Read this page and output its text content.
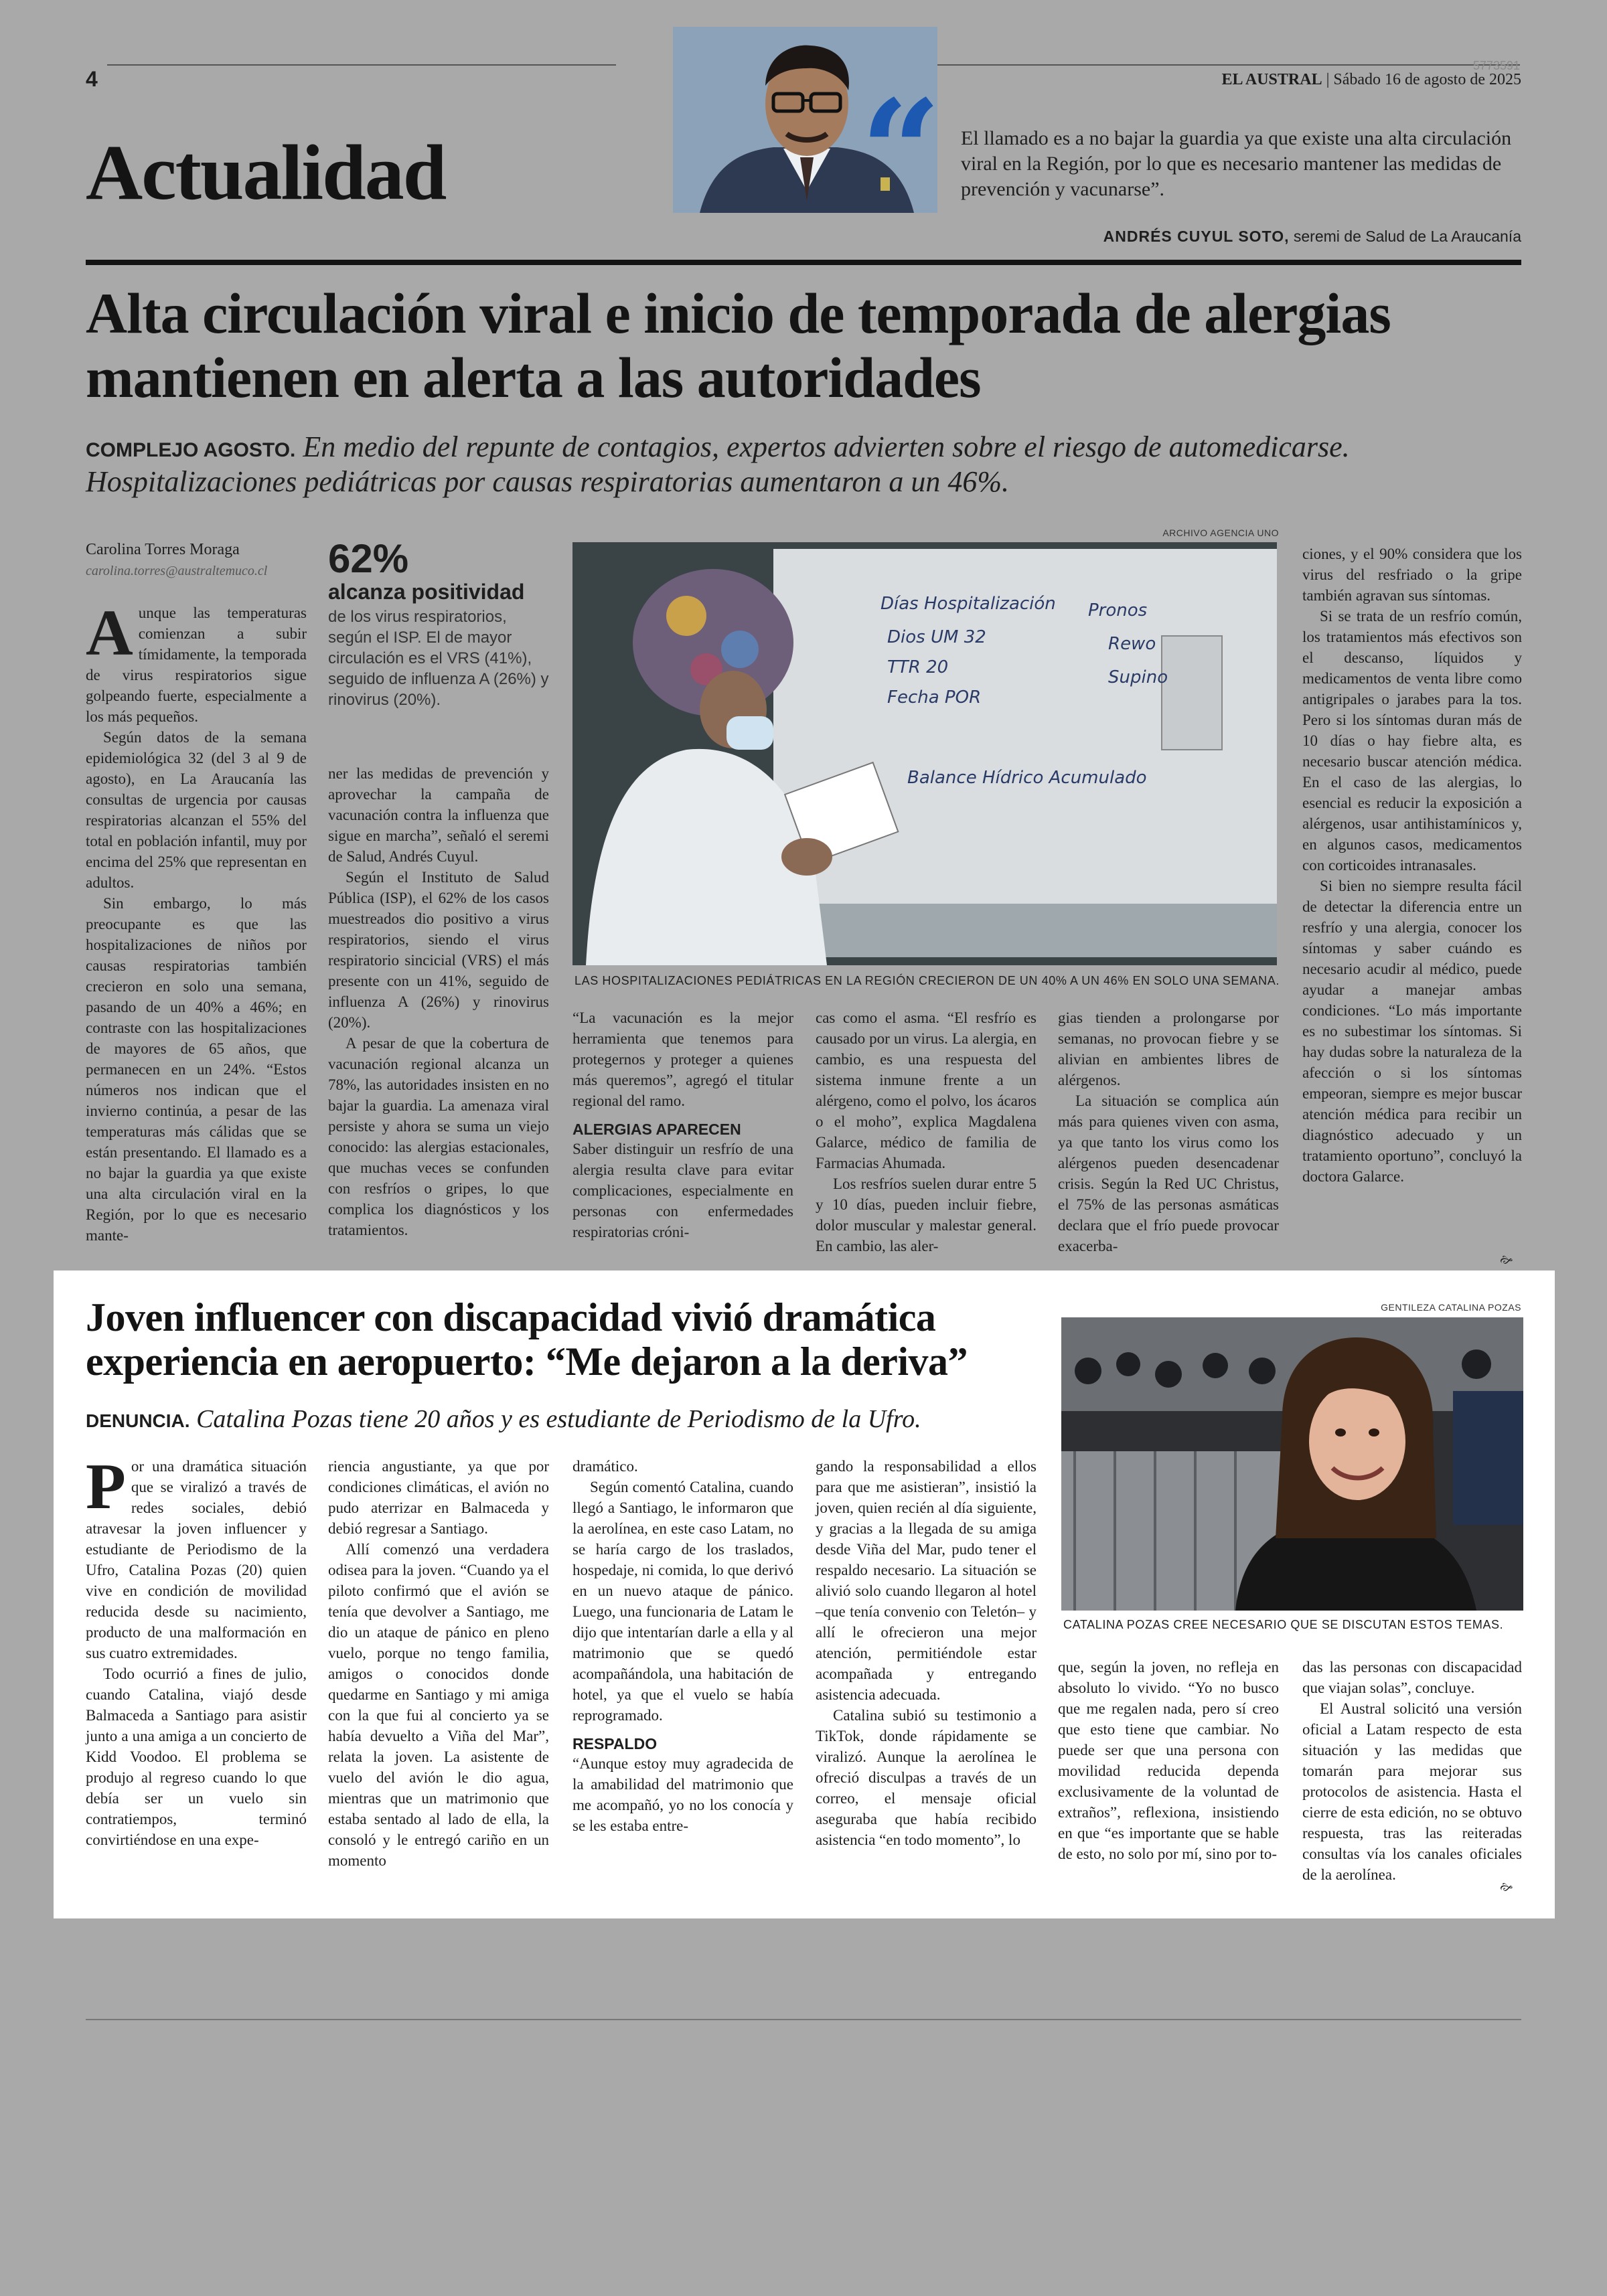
4
5773591
EL AUSTRAL | Sábado 16 de agosto de 2025
Actualidad	“ El llamado es a no bajar la guardia ya que existe una alta circulación viral en la Región, por lo que es necesario mantener las medidas de prevención y vacunarse”.
ANDRÉS CUYUL SOTO, seremi de Salud de La Araucanía
Alta circulación viral e inicio de temporada de alergias mantienen en alerta a las autoridades
COMPLEJO AGOSTO. En medio del repunte de contagios, expertos advierten sobre el riesgo de automedicarse. Hospitalizaciones pediátricas por causas respiratorias aumentaron a un 46%.
Carolina Torres Moraga
carolina.torres@australtemuco.cl 62%
alcanza positividad
de los virus respiratorios, según el ISP. El de mayor circulación es el VRS (41%), seguido de influenza A (26%) y rinovirus (20%).

Aunque las temperaturas comienzan a subir tímidamente, la temporada de virus respiratorios sigue golpeando fuerte, especialmente a los más pequeños.

Según datos de la semana epidemiológica 32 (del 3 al 9 de agosto), en La Araucanía las consultas de urgencia por causas respiratorias alcanzan el 55% del total en población infantil, muy por encima del 25% que representan en adultos.

Sin embargo, lo más preocupante es que las hospitalizaciones de niños por causas respiratorias también crecieron en solo una semana, pasando de un 40% a 46%; en contraste con las hospitalizaciones de mayores de 65 años, que permanecen en un 24%. “Estos números nos indican que el invierno continúa, a pesar de las temperaturas más cálidas que se están presentando. El llamado es a no bajar la guardia ya que existe una alta circulación viral en la Región, por lo que es necesario mante-

ner las medidas de prevención y aprovechar la campaña de vacunación contra la influenza que sigue en marcha”, señaló el seremi de Salud, Andrés Cuyul.

Según el Instituto de Salud Pública (ISP), el 62% de los casos muestreados dio positivo a virus respiratorios, siendo el virus respiratorio sincicial (VRS) el más presente con un 41%, seguido de influenza A (26%) y rinovirus (20%).

A pesar de que la cobertura de vacunación regional alcanza un 78%, las autoridades insisten en no bajar la guardia. La amenaza viral persiste y ahora se suma un viejo conocido: las alergias estacionales, que muchas veces se confunden con resfríos o gripes, lo que complica los diagnósticos y los tratamientos.

ARCHIVO AGENCIA UNO
Días Hospitalización
Dios UM 32
TTR 20
Fecha POR
Balance Hídrico Acumulado
Pronos
Rewo
Supino
LAS HOSPITALIZACIONES PEDIÁTRICAS EN LA REGIÓN CRECIERON DE UN 40% A UN 46% EN SOLO UNA SEMANA.

“La vacunación es la mejor herramienta que tenemos para protegernos y proteger a quienes más queremos”, agregó el titular regional del ramo.

ALERGIAS APARECEN

Saber distinguir un resfrío de una alergia resulta clave para evitar complicaciones, especialmente en personas con enfermedades respiratorias cróni-

cas como el asma. “El resfrío es causado por un virus. La alergia, en cambio, es una respuesta del sistema inmune frente a un alérgeno, como el polvo, los ácaros o el moho”, explica Magdalena Galarce, médico de familia de Farmacias Ahumada.

Los resfríos suelen durar entre 5 y 10 días, pueden incluir fiebre, dolor muscular y malestar general. En cambio, las aler-

gias tienden a prolongarse por semanas, no provocan fiebre y se alivian en ambientes libres de alérgenos.

La situación se complica aún más para quienes viven con asma, ya que tanto los virus como los alérgenos pueden desencadenar crisis. Según la Red UC Christus, el 75% de las personas asmáticas declara que el frío puede provocar exacerba-

ciones, y el 90% considera que los virus del resfriado o la gripe también agravan sus síntomas.

Si se trata de un resfrío común, los tratamientos más efectivos son el descanso, líquidos y medicamentos de venta libre como antigripales o jarabes para la tos. Pero si los síntomas duran más de 10 días o hay fiebre alta, es necesario buscar atención médica. En el caso de las alergias, lo esencial es reducir la exposición a alérgenos, usar antihistamínicos y, en algunos casos, medicamentos con corticoides intranasales.

Si bien no siempre resulta fácil de detectar la diferencia entre un resfrío y una alergia, conocer los síntomas y saber cuándo es necesario acudir al médico, puede ayudar a manejar ambas condiciones. “Lo más importante es no subestimar los síntomas. Si hay dudas sobre la naturaleza de la afección o si los síntomas empeoran, siempre es mejor buscar atención médica para recibir un diagnóstico adecuado y un tratamiento oportuno”, concluyó la doctora Galarce.

🙚
Joven influencer con discapacidad vivió dramática experiencia en aeropuerto: “Me dejaron a la deriva”
DENUNCIA. Catalina Pozas tiene 20 años y es estudiante de Periodismo de la Ufro.
GENTILEZA CATALINA POZAS
CATALINA POZAS CREE NECESARIO QUE SE DISCUTAN ESTOS TEMAS.

Por una dramática situación que se viralizó a través de redes sociales, debió atravesar la joven influencer y estudiante de Periodismo de la Ufro, Catalina Pozas (20) quien vive en condición de movilidad reducida desde su nacimiento, producto de una malformación en sus cuatro extremidades.

Todo ocurrió a fines de julio, cuando Catalina, viajó desde Balmaceda a Santiago para asistir junto a una amiga a un concierto de Kidd Voodoo. El problema se produjo al regreso cuando lo que debía ser un vuelo sin contratiempos, terminó convirtiéndose en una expe-

riencia angustiante, ya que por condiciones climáticas, el avión no pudo aterrizar en Balmaceda y debió regresar a Santiago.

Allí comenzó una verdadera odisea para la joven. “Cuando ya el piloto confirmó que el avión se tenía que devolver a Santiago, me dio un ataque de pánico en pleno vuelo, porque no tengo familia, amigos o conocidos donde quedarme en Santiago y mi amiga con la que fui al concierto ya se había devuelto a Viña del Mar”, relata la joven. La asistente de vuelo del avión le dio agua, mientras que un matrimonio que estaba sentado al lado de ella, la consoló y le entregó cariño en un momento

dramático.

Según comentó Catalina, cuando llegó a Santiago, le informaron que la aerolínea, en este caso Latam, no se haría cargo de los traslados, hospedaje, ni comida, lo que derivó en un nuevo ataque de pánico. Luego, una funcionaria de Latam le dijo que intentarían darle a ella y al matrimonio que se quedó acompañándola, una habitación de hotel, ya que el vuelo se había reprogramado.

RESPALDO

“Aunque estoy muy agradecida de la amabilidad del matrimonio que me acompañó, yo no los conocía y se les estaba entre-

gando la responsabilidad a ellos para que me asistieran”, insistió la joven, quien recién al día siguiente, y gracias a la llegada de su amiga desde Viña del Mar, pudo tener el respaldo necesario. La situación se alivió solo cuando llegaron al hotel –que tenía convenio con Teletón– y allí le ofrecieron una mejor atención, permitiéndole estar acompañada y entregando asistencia adecuada.

Catalina subió su testimonio a TikTok, donde rápidamente se viralizó. Aunque la aerolínea le ofreció disculpas a través de un correo, el mensaje oficial aseguraba que había recibido asistencia “en todo momento”, lo

que, según la joven, no refleja en absoluto lo vivido. “Yo no busco que me regalen nada, pero sí creo que esto tiene que cambiar. No puede ser que una persona con movilidad reducida dependa exclusivamente de la voluntad de extraños”, reflexiona, insistiendo en que “es importante que se hable de esto, no solo por mí, sino por to-

das las personas con discapacidad que viajan solas”, concluye.

El Austral solicitó una versión oficial a Latam respecto de esta situación y las medidas que tomarán para mejorar sus protocolos de asistencia. Hasta el cierre de esta edición, no se obtuvo respuesta, tras las reiteradas consultas vía los canales oficiales de la aerolínea.

🙚
